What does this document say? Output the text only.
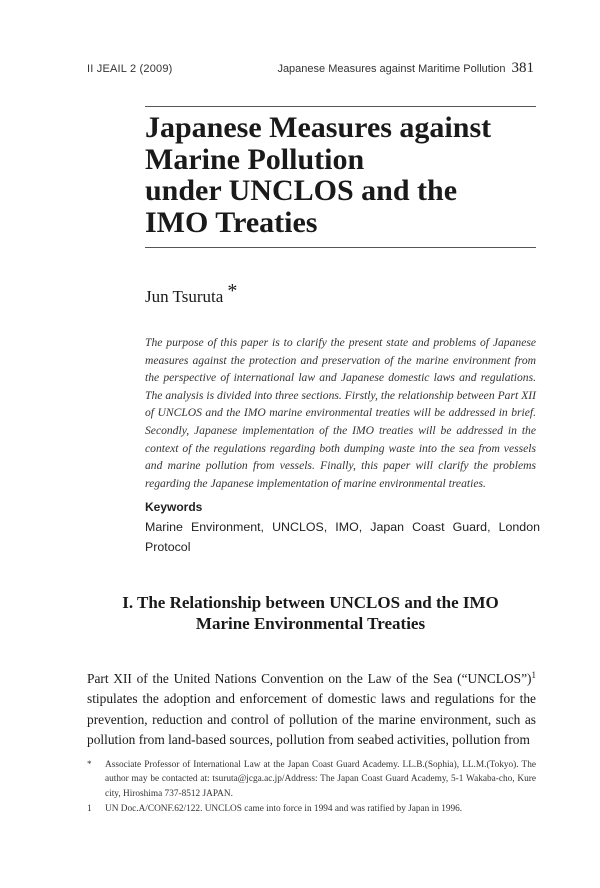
II JEAIL 2 (2009)	Japanese Measures against Maritime Pollution 381
Japanese Measures against
Marine Pollution
under UNCLOS and the
IMO Treaties
Jun Tsuruta *

The purpose of this paper is to clarify the present state and problems of Japanese measures against the protection and preservation of the marine environment from the perspective of international law and Japanese domestic laws and regulations. The analysis is divided into three sections. Firstly, the relationship between Part XII of UNCLOS and the IMO marine environmental treaties will be addressed in brief. Secondly, Japanese implementation of the IMO treaties will be addressed in the context of the regulations regarding both dumping waste into the sea from vessels and marine pollution from vessels. Finally, this paper will clarify the problems regarding the Japanese implementation of marine environmental treaties.

Keywords

Marine Environment, UNCLOS, IMO, Japan Coast Guard, London Protocol

I. The Relationship between UNCLOS and the IMO
Marine Environmental Treaties

Part XII of the United Nations Convention on the Law of the Sea (“UNCLOS”)$^1$ stipulates the adoption and enforcement of domestic laws and regulations for the prevention, reduction and control of pollution of the marine environment, such as pollution from land-based sources, pollution from seabed activities, pollution from

* Associate Professor of International Law at the Japan Coast Guard Academy. LL.B.(Sophia), LL.M.(Tokyo). The author may be contacted at: tsuruta@jcga.ac.jp/Address: The Japan Coast Guard Academy, 5-1 Wakaba-cho, Kure city, Hiroshima 737-8512 JAPAN.
1 UN Doc.A/CONF.62/122. UNCLOS came into force in 1994 and was ratified by Japan in 1996.
